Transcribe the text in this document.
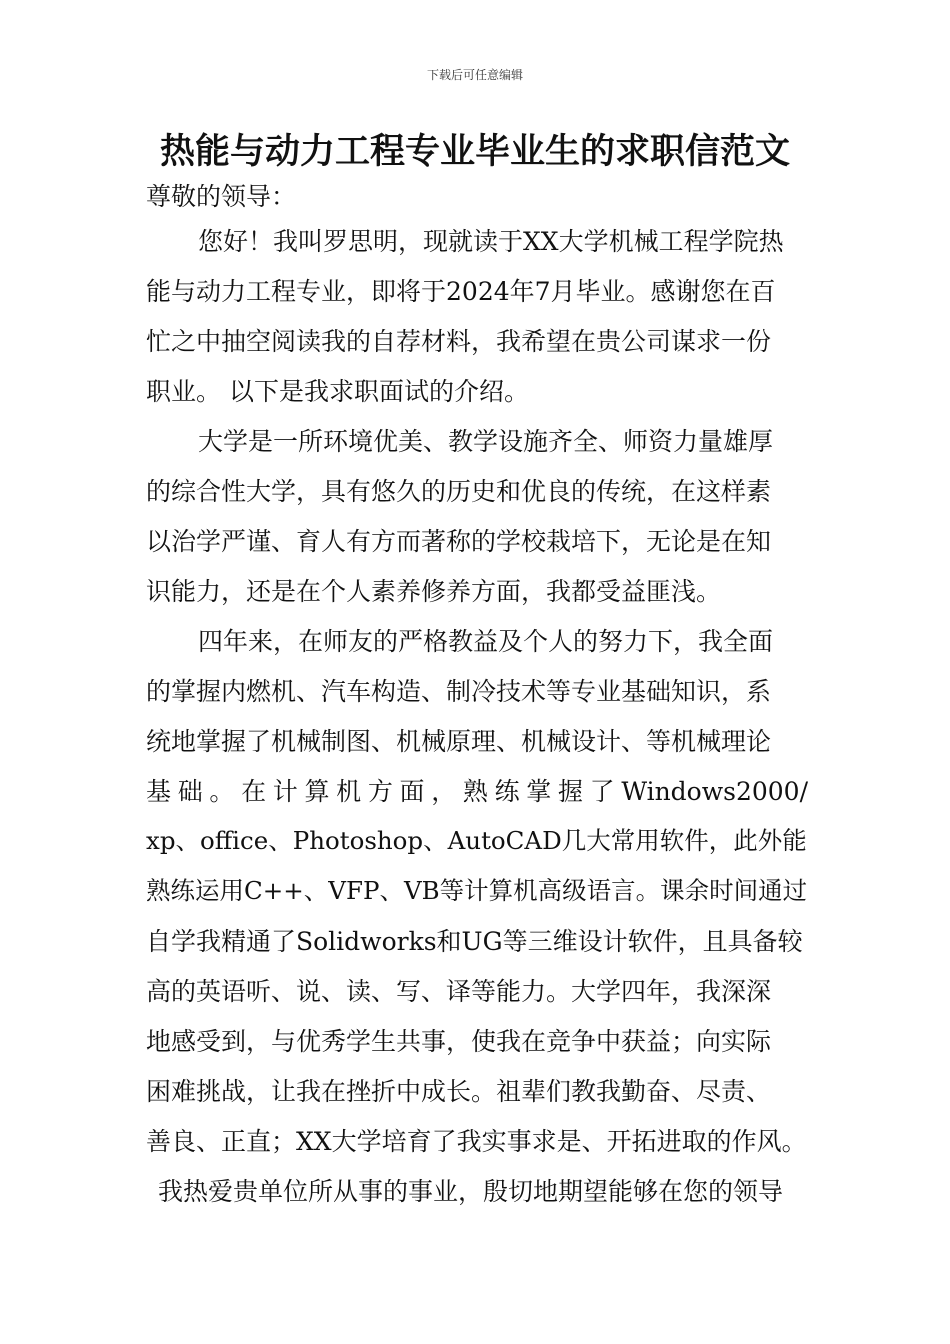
下载后可任意编辑
热能与动力工程专业毕业生的求职信范文
尊敬的领导：
您好！我叫罗思明，现就读于XX大学机械工程学院热
能与动力工程专业，即将于2024年7月毕业。感谢您在百
忙之中抽空阅读我的自荐材料，我希望在贵公司谋求一份
职业。 以下是我求职面试的介绍。
大学是一所环境优美、教学设施齐全、师资力量雄厚
的综合性大学，具有悠久的历史和优良的传统，在这样素
以治学严谨、育人有方而著称的学校栽培下，无论是在知
识能力，还是在个人素养修养方面，我都受益匪浅。
四年来，在师友的严格教益及个人的努力下，我全面
的掌握内燃机、汽车构造、制冷技术等专业基础知识，系
统地掌握了机械制图、机械原理、机械设计、等机械理论
基础。在计算机方面，熟练掌握了Windows2000/
xp、office、Photoshop、AutoCAD几大常用软件，此外能
熟练运用C++、VFP、VB等计算机高级语言。课余时间通过
自学我精通了Solidworks和UG等三维设计软件，且具备较
高的英语听、说、读、写、译等能力。大学四年，我深深
地感受到，与优秀学生共事，使我在竞争中获益；向实际
困难挑战，让我在挫折中成长。祖辈们教我勤奋、尽责、
善良、正直；XX大学培育了我实事求是、开拓进取的作风。
我热爱贵单位所从事的事业，殷切地期望能够在您的领导
